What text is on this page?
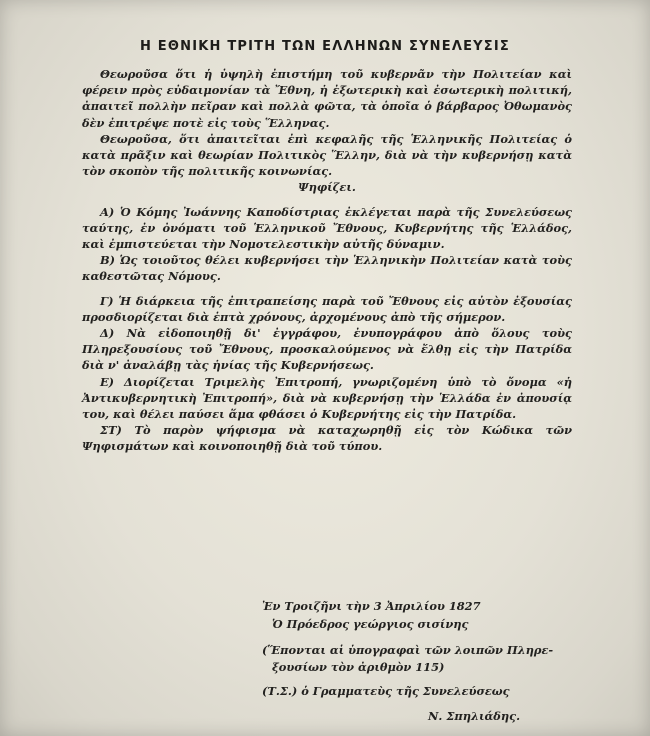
Η ΕΘΝΙΚΗ ΤΡΙΤΗ ΤΩΝ ΕΛΛΗΝΩΝ ΣΥΝΕΛΕΥΣΙΣ

Θεωροῦσα ὅτι ἡ ὑψηλὴ ἐπιστήμη τοῦ κυβερνᾶν τὴν Πολιτείαν καὶ φέρειν πρὸς εὐδαιμονίαν τὰ Ἔθνη, ἡ ἐξωτερικὴ καὶ ἐσωτερικὴ πολιτική, ἀπαιτεῖ πολλὴν πεῖραν καὶ πολλὰ φῶτα, τὰ ὁποῖα ὁ βάρβαρος Ὀθωμανὸς δὲν ἐπιτρέψε ποτὲ εἰς τοὺς Ἕλληνας.

Θεωροῦσα, ὅτι ἀπαιτεῖται ἐπὶ κεφαλῆς τῆς Ἑλληνικῆς Πολιτείας ὁ κατὰ πρᾶξιν καὶ θεωρίαν Πολιτικὸς Ἕλλην, διὰ νὰ τὴν κυβερνήσῃ κατὰ τὸν σκοπὸν τῆς πολιτικῆς κοινωνίας.

Ψηφίζει.

Α) Ὁ Κόμης Ἰωάννης Καποδίστριας ἐκλέγεται παρὰ τῆς Συνελεύσεως ταύτης, ἐν ὀνόματι τοῦ Ἑλληνικοῦ Ἔθνους, Κυβερνήτης τῆς Ἑλλάδος, καὶ ἐμπιστεύεται τὴν Νομοτελεστικὴν αὐτῆς δύναμιν.

Β) Ὡς τοιοῦτος θέλει κυβερνήσει τὴν Ἑλληνικὴν Πολιτείαν κατὰ τοὺς καθεστῶτας Νόμους.

Γ) Ἡ διάρκεια τῆς ἐπιτραπείσης παρὰ τοῦ Ἔθνους εἰς αὐτὸν ἐξουσίας προσδιορίζεται διὰ ἑπτὰ χρόνους, ἀρχομένους ἀπὸ τῆς σήμερον.

Δ) Νὰ εἰδοποιηθῇ δι' ἐγγράφου, ἐνυπογράφου ἀπὸ ὅλους τοὺς Πληρεξουσίους τοῦ Ἔθνους, προσκαλούμενος νὰ ἔλθῃ εἰς τὴν Πατρίδα διὰ ν' ἀναλάβῃ τὰς ἡνίας τῆς Κυβερνήσεως.

Ε) Διορίζεται Τριμελὴς Ἐπιτροπή, γνωριζομένη ὑπὸ τὸ ὄνομα «ἡ Ἀντικυβερνητικὴ Ἐπιτροπή», διὰ νὰ κυβερνήσῃ τὴν Ἑλλάδα ἐν ἀπουσίᾳ του, καὶ θέλει παύσει ἅμα φθάσει ὁ Κυβερνήτης εἰς τὴν Πατρίδα.

ΣΤ) Τὸ παρὸν ψήφισμα νὰ καταχωρηθῇ εἰς τὸν Κώδικα τῶν Ψηφισμάτων καὶ κοινοποιηθῇ διὰ τοῦ τύπου.

Ἐν Τροιζῆνι τὴν 3 Ἀπριλίου 1827
Ὁ Πρόεδρος γεώργιος σισίνης
(Ἕπονται αἱ ὑπογραφαὶ τῶν λοιπῶν Πληρε-
ξουσίων τὸν ἀριθμὸν 115)
(Τ.Σ.) ὁ Γραμματεὺς τῆς Συνελεύσεως
Ν. Σπηλιάδης.
